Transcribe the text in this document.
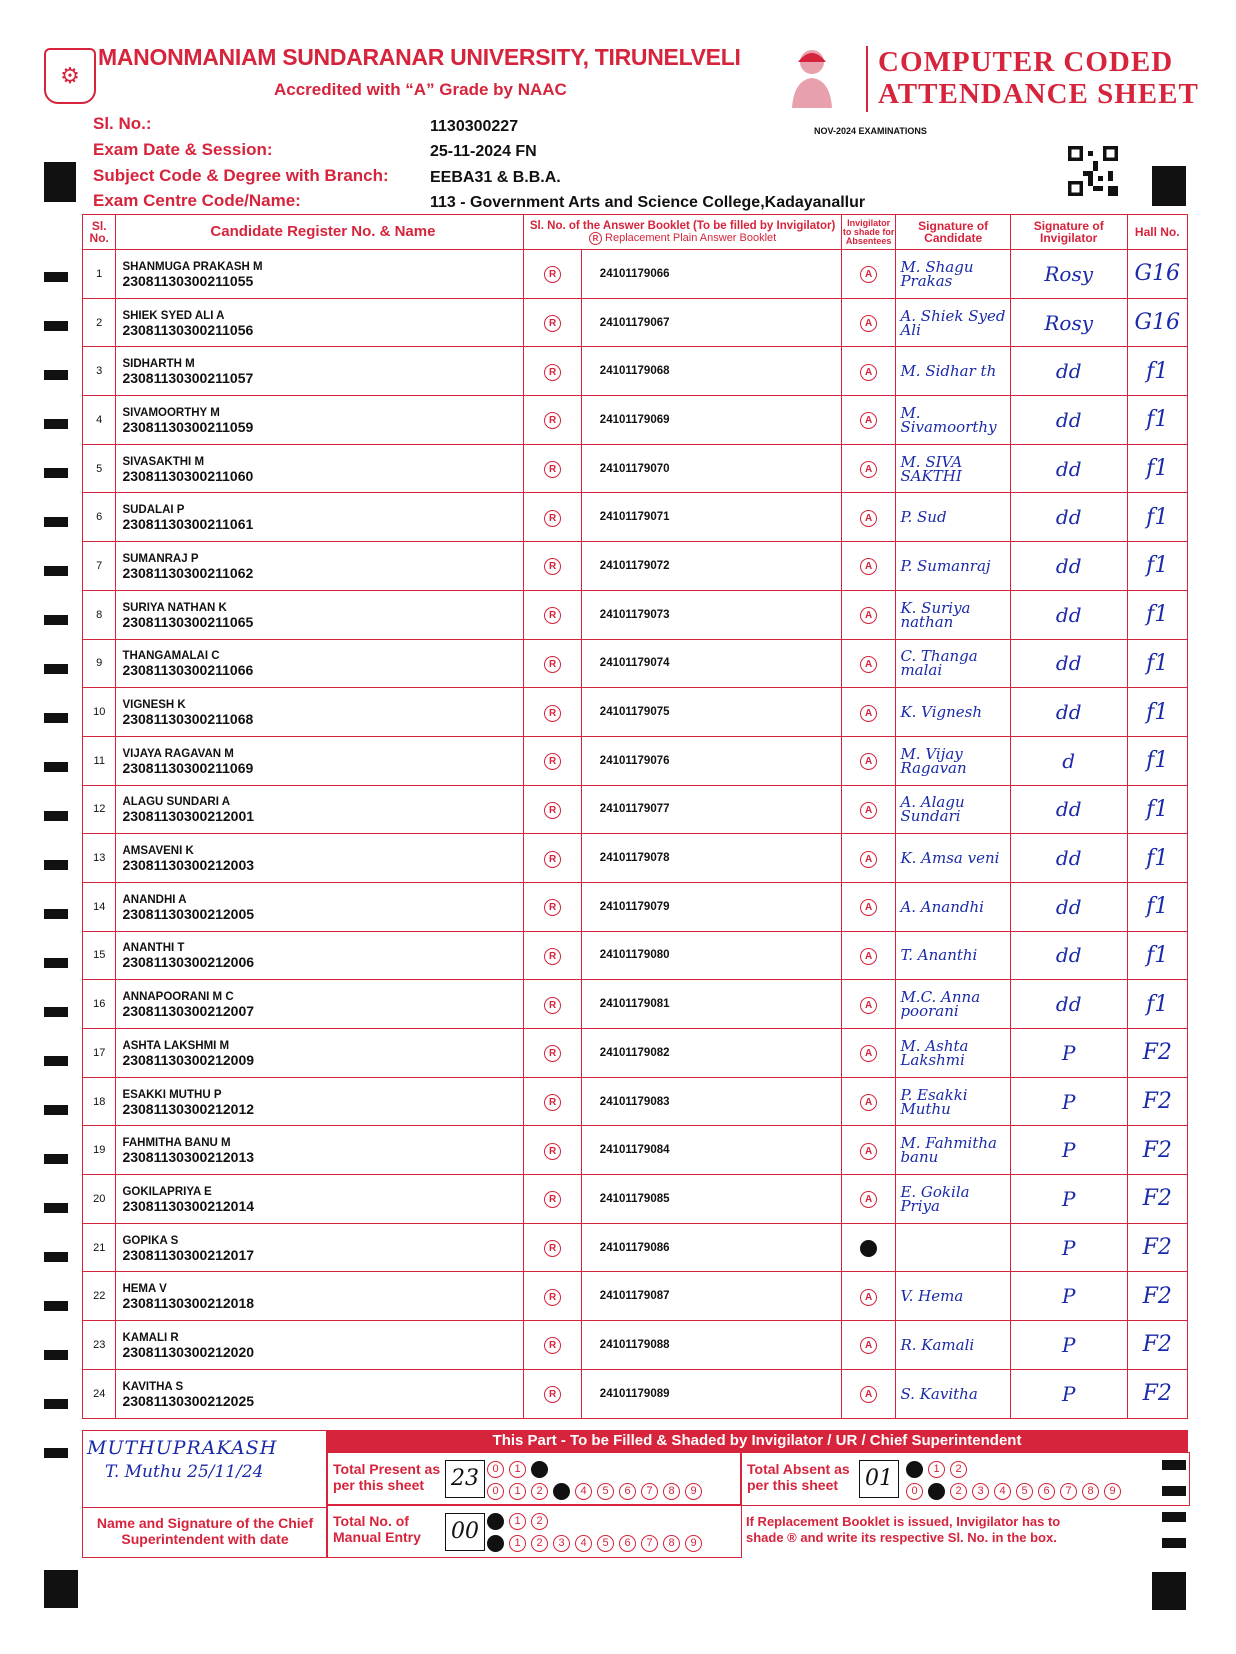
⚙
MANONMANIAM SUNDARANAR UNIVERSITY, TIRUNELVELI
Accredited with “A” Grade by NAAC
COMPUTER CODED
ATTENDANCE SHEET
Sl. No.:	1130300227	NOV-2024 EXAMINATIONS
Exam Date & Session:	25-11-2024 FN
Subject Code & Degree with Branch:	EEBA31 & B.B.A.
Exam Centre Code/Name:	113 - Government Arts and Science College,Kadayanallur
Sl. No.	Candidate Register No. & Name	Sl. No. of the Answer Booklet (To be filled by Invigilator)
R Replacement Plain Answer Booklet		Invigilator to shade for Absentees	Signature of Candidate	Signature of Invigilator	Hall No.
1	SHANMUGA PRAKASH M
23081130300211055	R	24101179066	A	M. Shagu Prakas	Rosy	G16

2	SHIEK SYED ALI A
23081130300211056	R	24101179067	A	A. Shiek Syed Ali	Rosy	G16

3	SIDHARTH M
23081130300211057	R	24101179068	A	M. Sidhar th	dd	f1

4	SIVAMOORTHY M
23081130300211059	R	24101179069	A	M. Sivamoorthy	dd	f1

5	SIVASAKTHI M
23081130300211060	R	24101179070	A	M. SIVA SAKTHI	dd	f1

6	SUDALAI P
23081130300211061	R	24101179071	A	P. Sud	dd	f1

7	SUMANRAJ P
23081130300211062	R	24101179072	A	P. Sumanraj	dd	f1

8	SURIYA NATHAN K
23081130300211065	R	24101179073	A	K. Suriya nathan	dd	f1

9	THANGAMALAI C
23081130300211066	R	24101179074	A	C. Thanga malai	dd	f1

10	VIGNESH K
23081130300211068	R	24101179075	A	K. Vignesh	dd	f1

11	VIJAYA RAGAVAN M
23081130300211069	R	24101179076	A	M. Vijay Ragavan	d	f1

12	ALAGU SUNDARI A
23081130300212001	R	24101179077	A	A. Alagu Sundari	dd	f1

13	AMSAVENI K
23081130300212003	R	24101179078	A	K. Amsa veni	dd	f1

14	ANANDHI A
23081130300212005	R	24101179079	A	A. Anandhi	dd	f1

15	ANANTHI T
23081130300212006	R	24101179080	A	T. Ananthi	dd	f1

16	ANNAPOORANI M C
23081130300212007	R	24101179081	A	M.C. Anna poorani	dd	f1

17	ASHTA LAKSHMI M
23081130300212009	R	24101179082	A	M. Ashta Lakshmi	P	F2

18	ESAKKI MUTHU P
23081130300212012	R	24101179083	A	P. Esakki Muthu	P	F2

19	FAHMITHA BANU M
23081130300212013	R	24101179084	A	M. Fahmitha banu	P	F2

20	GOKILAPRIYA E
23081130300212014	R	24101179085	A	E. Gokila Priya	P	F2

21	GOPIKA S
23081130300212017	R	24101179086	A		P	F2

22	HEMA V
23081130300212018	R	24101179087	A	V. Hema	P	F2

23	KAMALI R
23081130300212020	R	24101179088	A	R. Kamali	P	F2

24	KAVITHA S
23081130300212025	R	24101179089	A	S. Kavitha	P	F2
This Part - To be Filled & Shaded by Invigilator / UR / Chief Superintendent
MUTHUPRAKASH
T. Muthu 25/11/24
Name and Signature of the Chief Superintendent with date
Total Present as per this sheet	23	0 1 2
0 1 2 3 4 5 6 7 8 9
Total Absent as per this sheet	01	0 1 2
0 1 2 3 4 5 6 7 8 9
Total No. of Manual Entry	00	0 1 2
0 1 2 3 4 5 6 7 8 9
If Replacement Booklet is issued, Invigilator has to shade ® and write its respective Sl. No. in the box.
